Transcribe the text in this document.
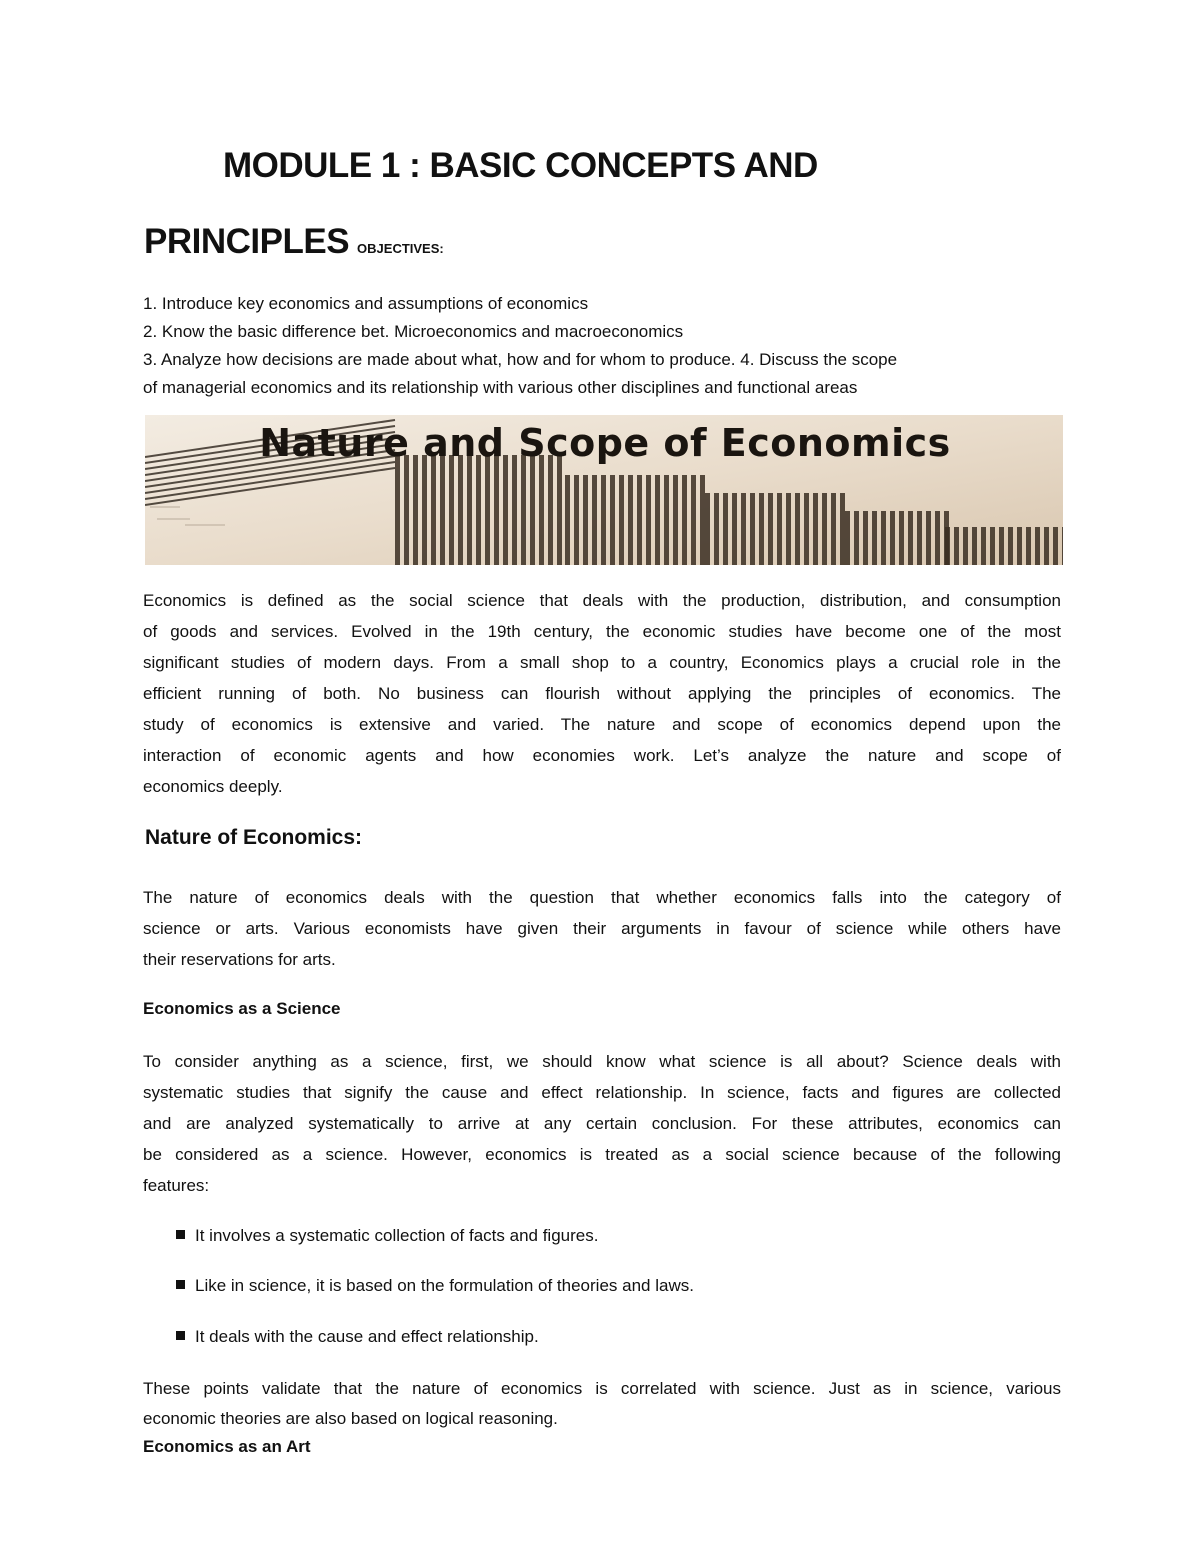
MODULE 1 : BASIC CONCEPTS AND
PRINCIPLES OBJECTIVES:
1. Introduce key economics and assumptions of economics
2. Know the basic difference bet. Microeconomics and macroeconomics
3. Analyze how decisions are made about what, how and for whom to produce. 4. Discuss the scope
of managerial economics and its relationship with various other disciplines and functional areas
Nature and Scope of Economics
Economics is defined as the social science that deals with the production, distribution, and consumption
of goods and services. Evolved in the 19th century, the economic studies have become one of the most
significant studies of modern days. From a small shop to a country, Economics plays a crucial role in the
efficient running of both. No business can flourish without applying the principles of economics. The
study of economics is extensive and varied. The nature and scope of economics depend upon the
interaction of economic agents and how economies work. Let’s analyze the nature and scope of
economics deeply.
Nature of Economics:
The nature of economics deals with the question that whether economics falls into the category of
science or arts. Various economists have given their arguments in favour of science while others have
their reservations for arts.
Economics as a Science
To consider anything as a science, first, we should know what science is all about? Science deals with
systematic studies that signify the cause and effect relationship. In science, facts and figures are collected
and are analyzed systematically to arrive at any certain conclusion. For these attributes, economics can
be considered as a science. However, economics is treated as a social science because of the following
features:
It involves a systematic collection of facts and figures.
Like in science, it is based on the formulation of theories and laws.
It deals with the cause and effect relationship.
These points validate that the nature of economics is correlated with science. Just as in science, various
economic theories are also based on logical reasoning.
Economics as an Art
